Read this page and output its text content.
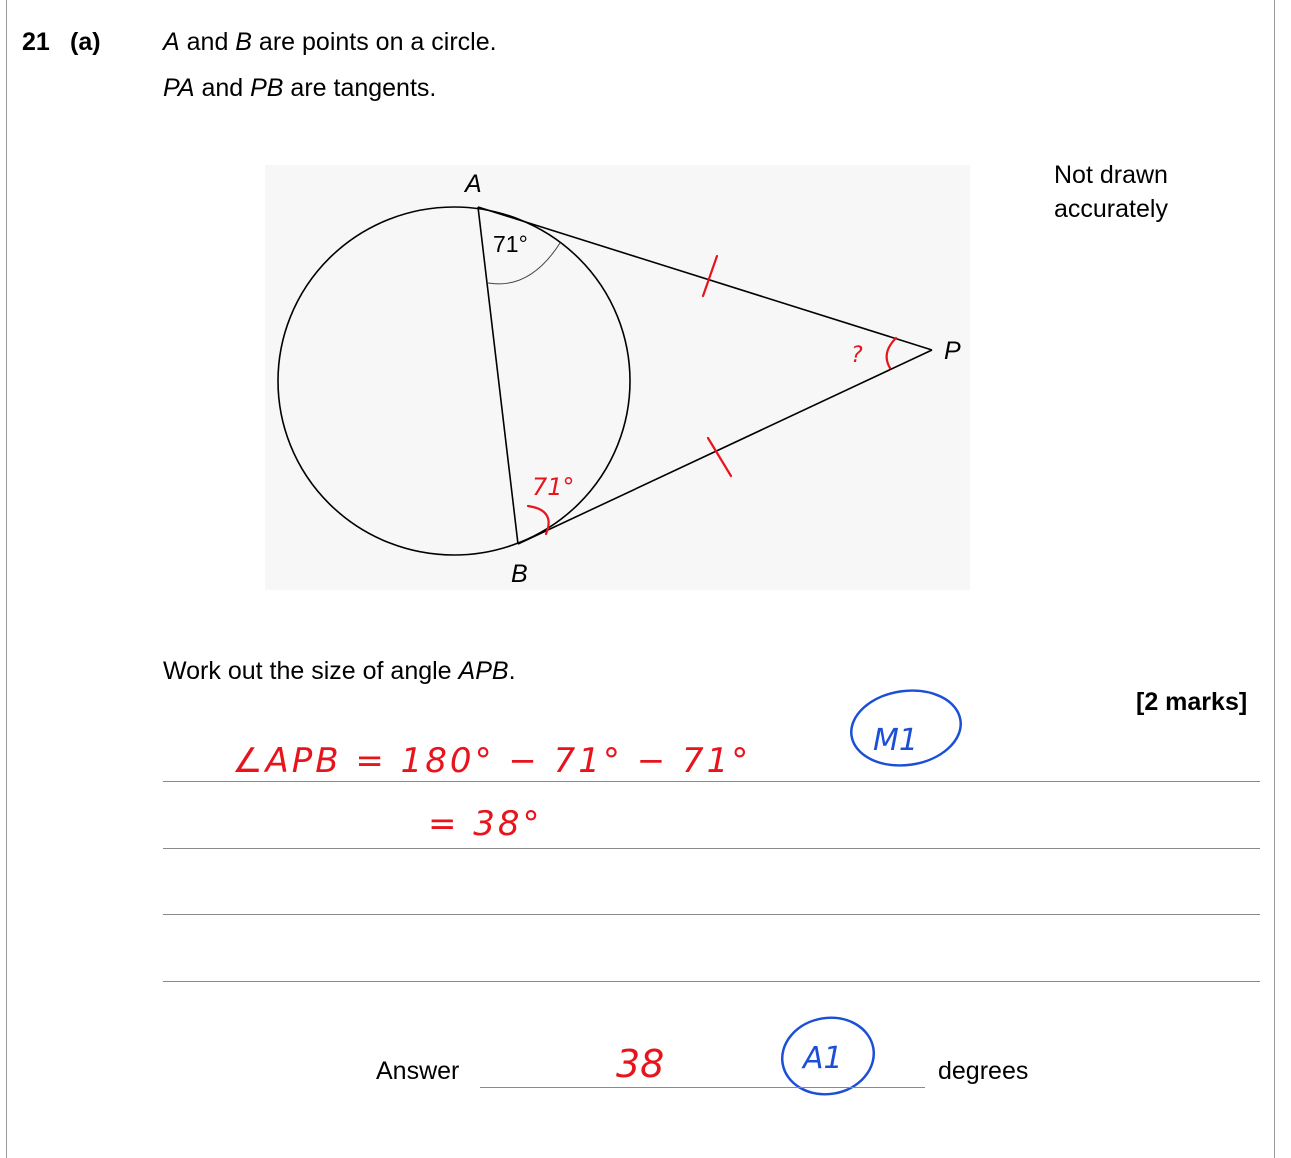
21 (a) A and B are points on a circle.
PA and PB are tangents.
Not drawn
accurately
71°
A
B
P
?
71°
Work out the size of angle APB.
[2 marks]
∠APB = 180° − 71° − 71°
= 38°
M1
38	A1
Answer	degrees
